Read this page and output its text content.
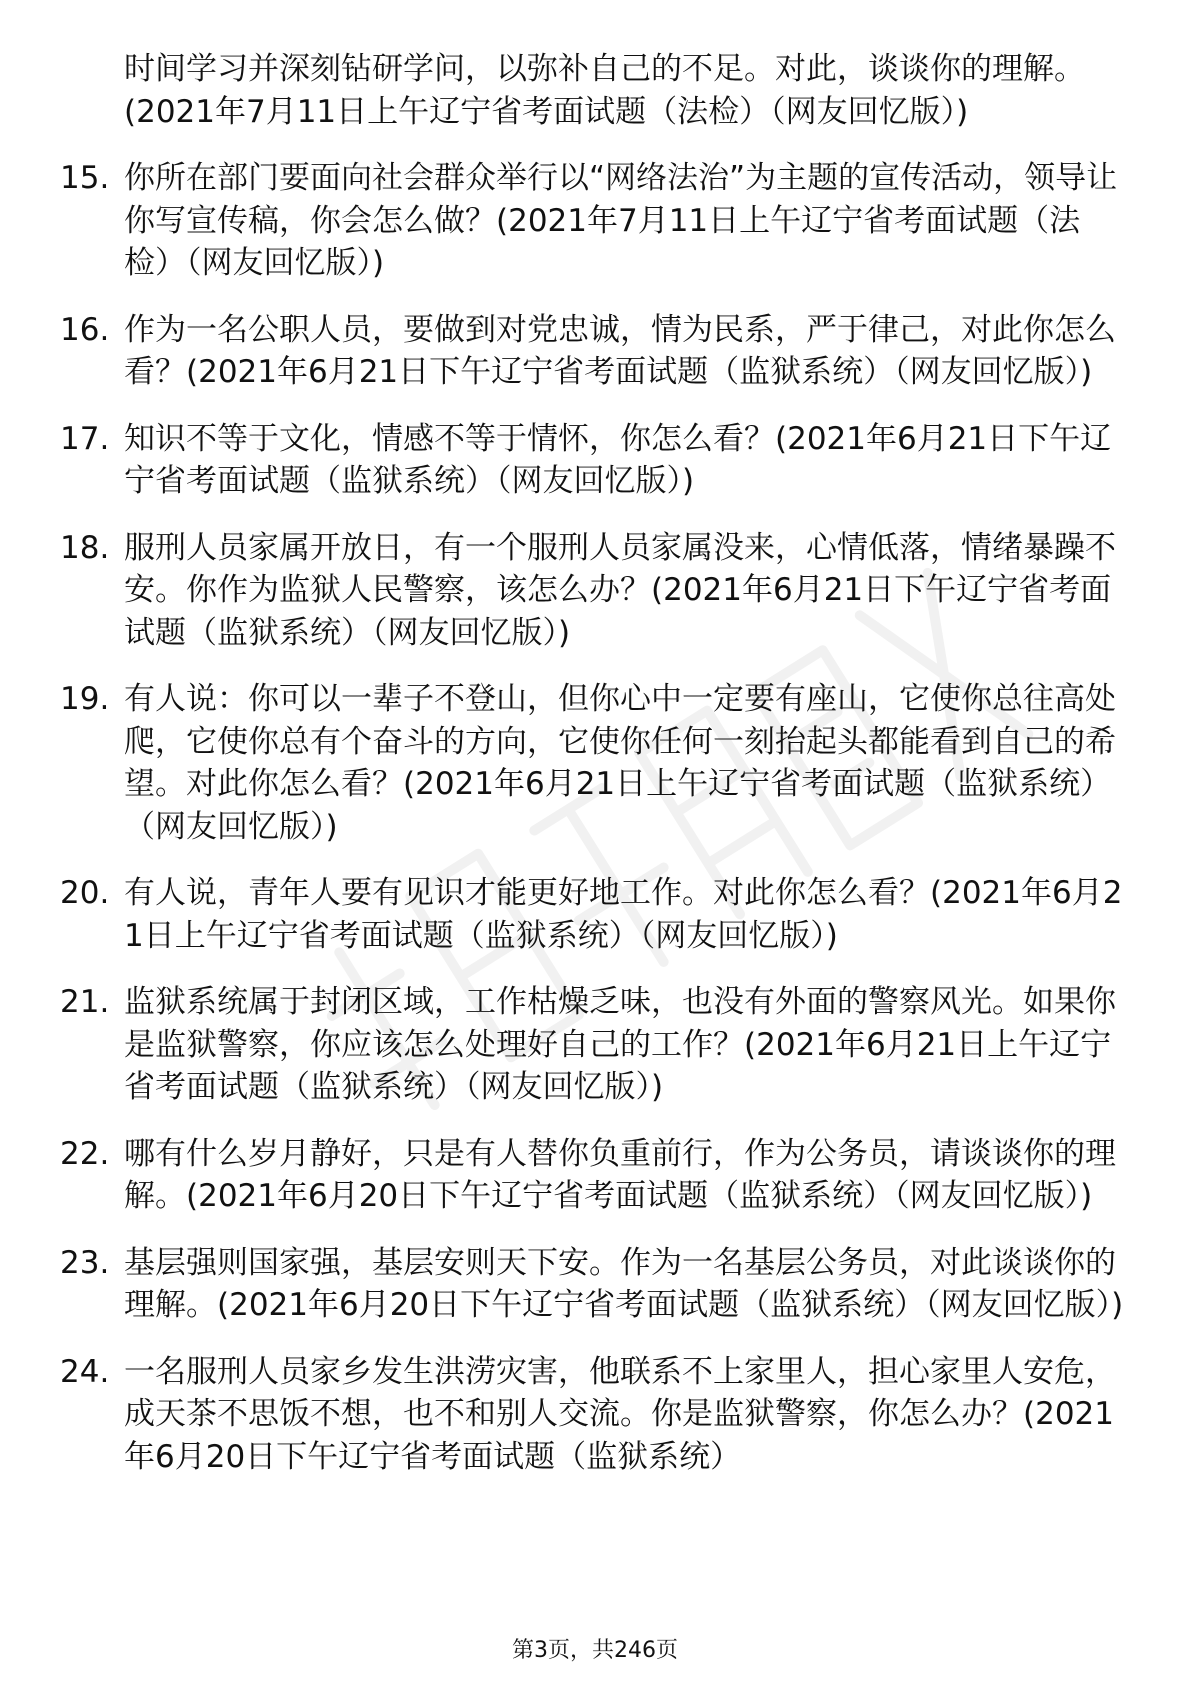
时间学习并深刻钻研学问，以弥补自己的不足。对此，谈谈你的理解。(2021年7月11日上午辽宁省考面试题（法检）（网友回忆版）)
15. 你所在部门要面向社会群众举行以“网络法治”为主题的宣传活动，领导让你写宣传稿，你会怎么做？(2021年7月11日上午辽宁省考面试题（法检）（网友回忆版）)
16. 作为一名公职人员，要做到对党忠诚，情为民系，严于律己，对此你怎么看？(2021年6月21日下午辽宁省考面试题（监狱系统）（网友回忆版）)
17. 知识不等于文化，情感不等于情怀，你怎么看？(2021年6月21日下午辽宁省考面试题（监狱系统）（网友回忆版）)
18. 服刑人员家属开放日，有一个服刑人员家属没来，心情低落，情绪暴躁不安。你作为监狱人民警察，该怎么办？(2021年6月21日下午辽宁省考面试题（监狱系统）（网友回忆版）)
19. 有人说：你可以一辈子不登山，但你心中一定要有座山，它使你总往高处爬，它使你总有个奋斗的方向，它使你任何一刻抬起头都能看到自己的希望。对此你怎么看？(2021年6月21日上午辽宁省考面试题（监狱系统）（网友回忆版）)
20. 有人说，青年人要有见识才能更好地工作。对此你怎么看？(2021年6月21日上午辽宁省考面试题（监狱系统）（网友回忆版）)
21. 监狱系统属于封闭区域，工作枯燥乏味，也没有外面的警察风光。如果你是监狱警察，你应该怎么处理好自己的工作？(2021年6月21日上午辽宁省考面试题（监狱系统）（网友回忆版）)
22. 哪有什么岁月静好，只是有人替你负重前行，作为公务员，请谈谈你的理解。(2021年6月20日下午辽宁省考面试题（监狱系统）（网友回忆版）)
23. 基层强则国家强，基层安则天下安。作为一名基层公务员，对此谈谈你的理解。(2021年6月20日下午辽宁省考面试题（监狱系统）（网友回忆版）)
24. 一名服刑人员家乡发生洪涝灾害，他联系不上家里人，担心家里人安危，成天茶不思饭不想，也不和别人交流。你是监狱警察，你怎么办？(2021年6月20日下午辽宁省考面试题（监狱系统）
第3页，共246页
